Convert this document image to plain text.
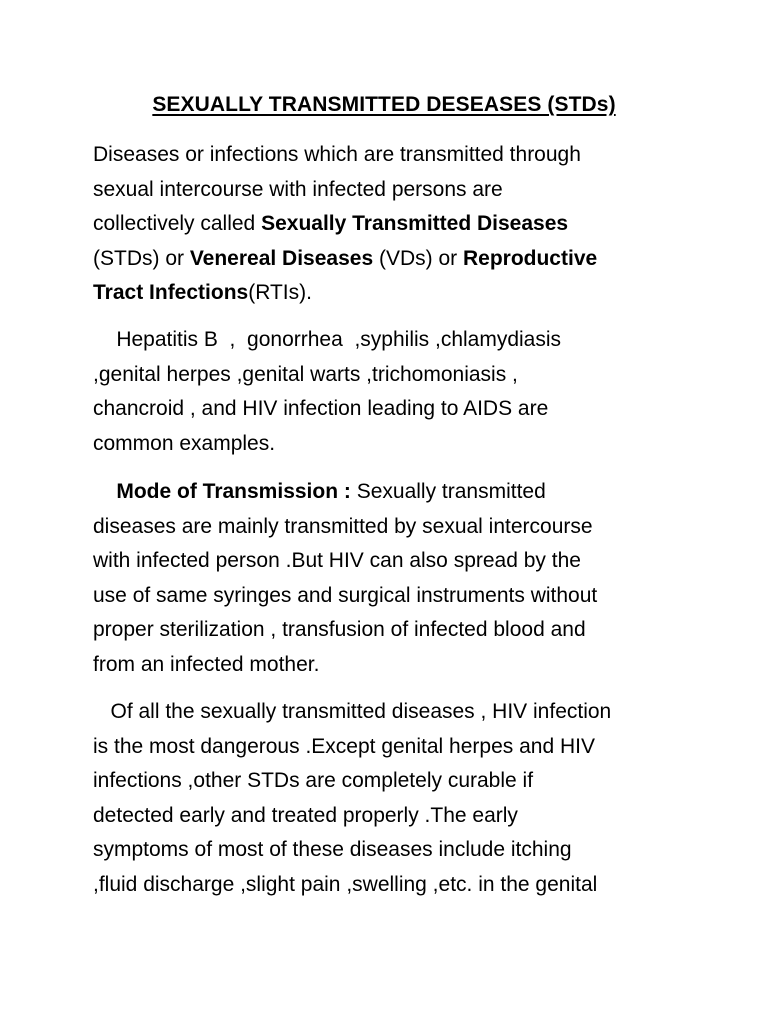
SEXUALLY TRANSMITTED DESEASES (STDs)

Diseases or infections which are transmitted through
sexual intercourse with infected persons are
collectively called Sexually Transmitted Diseases
(STDs) or Venereal Diseases (VDs) or Reproductive
Tract Infections(RTIs).

Hepatitis B  ,  gonorrhea  ,syphilis ,chlamydiasis
,genital herpes ,genital warts ,trichomoniasis ,
chancroid , and HIV infection leading to AIDS are
common examples.

Mode of Transmission : Sexually transmitted
diseases are mainly transmitted by sexual intercourse
with infected person .But HIV can also spread by the
use of same syringes and surgical instruments without
proper sterilization , transfusion of infected blood and
from an infected mother.

Of all the sexually transmitted diseases , HIV infection
is the most dangerous .Except genital herpes and HIV
infections ,other STDs are completely curable if
detected early and treated properly .The early
symptoms of most of these diseases include itching
,fluid discharge ,slight pain ,swelling ,etc. in the genital
